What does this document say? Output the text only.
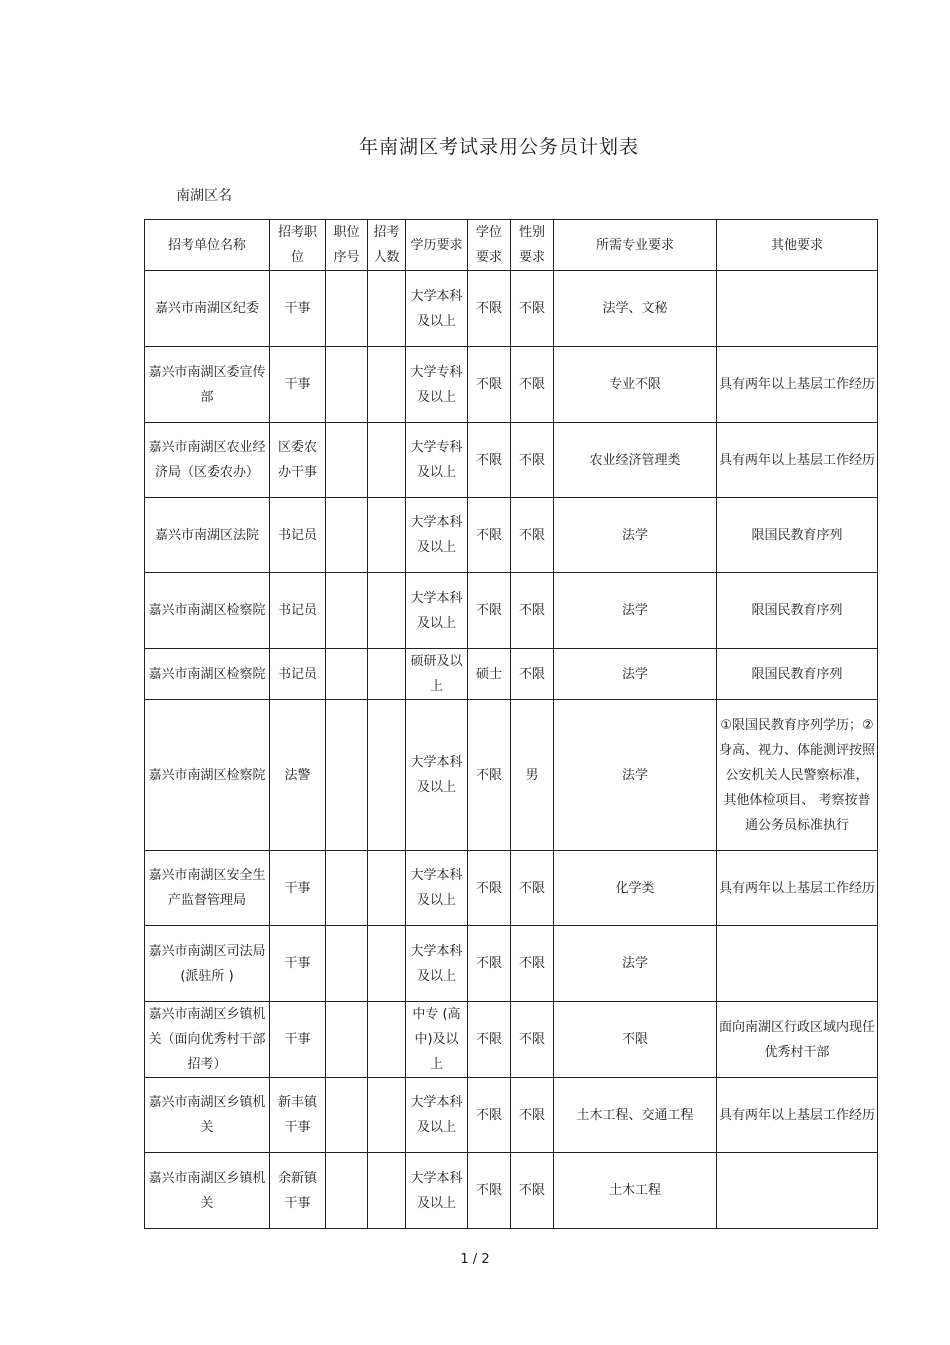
年南湖区考试录用公务员计划表
南湖区名
招考单位名称	招考职位	职位序号	招考人数	学历要求	学位要求	性别要求	所需专业要求	其他要求
嘉兴市南湖区纪委	干事			大学本科及以上	不限	不限	法学、文秘	
嘉兴市南湖区委宣传部	干事			大学专科及以上	不限	不限	专业不限	具有两年以上基层工作经历
嘉兴市南湖区农业经济局（区委农办）	区委农办干事			大学专科及以上	不限	不限	农业经济管理类	具有两年以上基层工作经历
嘉兴市南湖区法院	书记员			大学本科及以上	不限	不限	法学	限国民教育序列
嘉兴市南湖区检察院	书记员			大学本科及以上	不限	不限	法学	限国民教育序列
嘉兴市南湖区检察院	书记员			硕研及以上	硕士	不限	法学	限国民教育序列
嘉兴市南湖区检察院	法警			大学本科及以上	不限	男	法学	①限国民教育序列学历；②身高、视力、体能测评按照公安机关人民警察标准， 其他体检项目、 考察按普通公务员标准执行
嘉兴市南湖区安全生产监督管理局	干事			大学本科及以上	不限	不限	化学类	具有两年以上基层工作经历
嘉兴市南湖区司法局 (派驻所 )	干事			大学本科及以上	不限	不限	法学	
嘉兴市南湖区乡镇机关（面向优秀村干部招考）	干事			中专 (高中)及以上	不限	不限	不限	面向南湖区行政区域内现任优秀村干部
嘉兴市南湖区乡镇机关	新丰镇干事			大学本科及以上	不限	不限	土木工程、交通工程	具有两年以上基层工作经历
嘉兴市南湖区乡镇机关	余新镇干事			大学本科及以上	不限	不限	土木工程	
1 / 2
